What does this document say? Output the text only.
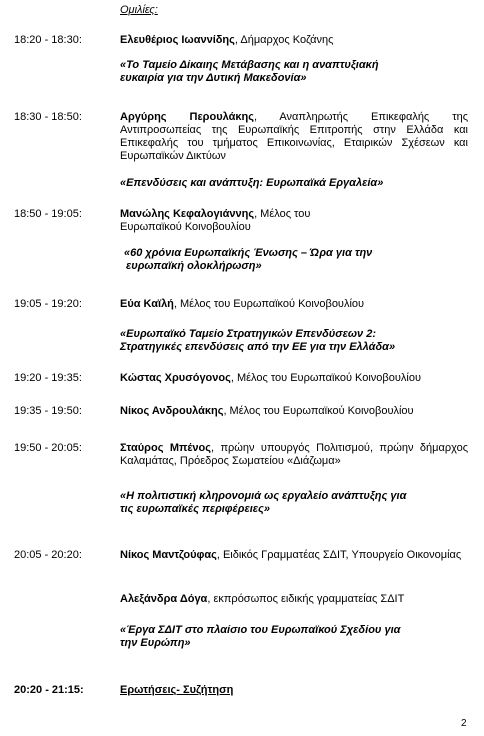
Ομιλίες:
18:20 - 18:30:	Ελευθέριος Ιωαννίδης, Δήμαρχος Κοζάνης
«Το Ταμείο Δίκαιης Μετάβασης και η αναπτυξιακή
ευκαιρία για την Δυτική Μακεδονία»
18:30 - 18:50:	Αργύρης Περουλάκης, Αναπληρωτής Επικεφαλής της Αντιπροσωπείας της Ευρωπαϊκής Επιτροπής στην Ελλάδα και Επικεφαλής του τμήματος Επικοινωνίας, Εταιρικών Σχέσεων και Ευρωπαϊκών Δικτύων
«Επενδύσεις και ανάπτυξη: Ευρωπαϊκά Εργαλεία»
18:50 - 19:05:	Μανώλης Κεφαλογιάννης, Μέλος του Ευρωπαϊκού Κοινοβουλίου
«60 χρόνια Ευρωπαϊκής Ένωσης – Ώρα για την
ευρωπαϊκή ολοκλήρωση»
19:05 - 19:20:	Εύα Καϊλή, Μέλος του Ευρωπαϊκού Κοινοβουλίου
«Ευρωπαϊκό Ταμείο Στρατηγικών Επενδύσεων 2:
Στρατηγικές επενδύσεις από την ΕΕ για την Ελλάδα»
19:20 - 19:35:	Κώστας Χρυσόγονος, Μέλος του Ευρωπαϊκού Κοινοβουλίου
19:35 - 19:50:	Νίκος Ανδρουλάκης, Μέλος του Ευρωπαϊκού Κοινοβουλίου
19:50 - 20:05:	Σταύρος Μπένος, πρώην υπουργός Πολιτισμού, πρώην δήμαρχος Καλαμάτας, Πρόεδρος Σωματείου «Διάζωμα»
«Η πολιτιστική κληρονομιά ως εργαλείο ανάπτυξης για
τις ευρωπαϊκές περιφέρειες»
20:05 - 20:20:	Νίκος Μαντζούφας, Ειδικός Γραμματέας ΣΔΙΤ, Υπουργείο Οικονομίας
Αλεξάνδρα Δόγα, εκπρόσωπος ειδικής γραμματείας ΣΔΙΤ
«Έργα ΣΔΙΤ στο πλαίσιο του Ευρωπαϊκού Σχεδίου για
την Ευρώπη»
20:20 - 21:15:	Ερωτήσεις- Συζήτηση
2
